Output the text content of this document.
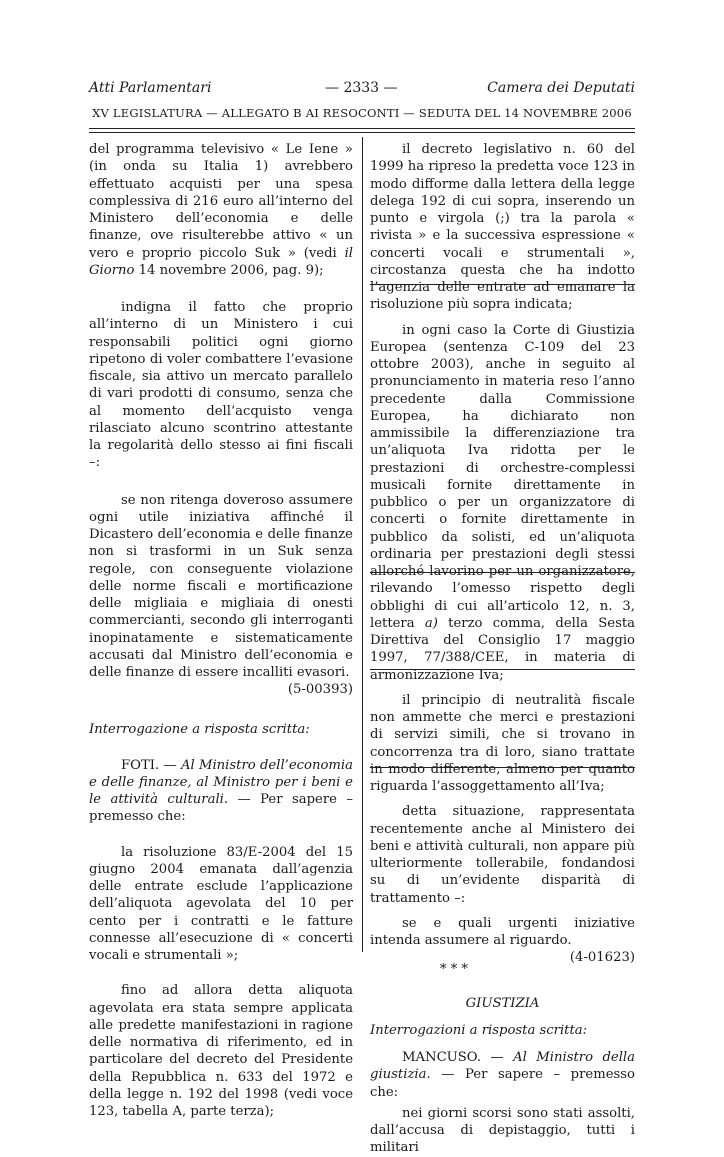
Atti Parlamentari	— 2333 —	Camera dei Deputati
XV LEGISLATURA — ALLEGATO B AI RESOCONTI — SEDUTA DEL 14 NOVEMBRE 2006

del programma televisivo « Le Iene » (in onda su Italia 1) avrebbero effettuato acquisti per una spesa complessiva di 216 euro all’interno del Ministero dell’economia e delle finanze, ove risulterebbe attivo « un vero e proprio piccolo Suk » (vedi il Giorno 14 novembre 2006, pag. 9);

indigna il fatto che proprio all’interno di un Ministero i cui responsabili politici ogni giorno ripetono di voler combattere l’evasione fiscale, sia attivo un mercato parallelo di vari prodotti di consumo, senza che al momento dell’acquisto venga rilasciato alcuno scontrino attestante la regolarità dello stesso ai fini fiscali –:

se non ritenga doveroso assumere ogni utile iniziativa affinché il Dicastero dell’economia e delle finanze non si trasformi in un Suk senza regole, con conseguente violazione delle norme fiscali e mortificazione delle migliaia e migliaia di onesti commercianti, secondo gli interroganti inopinatamente e sistematicamente accusati dal Ministro dell’economia e delle finanze di essere incalliti evasori.
(5-00393)

Interrogazione a risposta scritta:

FOTI. — Al Ministro dell’economia e delle finanze, al Ministro per i beni e le attività culturali. — Per sapere – premesso che:

la risoluzione 83/E-2004 del 15 giugno 2004 emanata dall’agenzia delle entrate esclude l’applicazione dell’aliquota agevolata del 10 per cento per i contratti e le fatture connesse all’esecuzione di « concerti vocali e strumentali »;

fino ad allora detta aliquota agevolata era stata sempre applicata alle predette manifestazioni in ragione delle normativa di riferimento, ed in particolare del decreto del Presidente della Repubblica n. 633 del 1972 e della legge n. 192 del 1998 (vedi voce 123, tabella A, parte terza);

il decreto legislativo n. 60 del 1999 ha ripreso la predetta voce 123 in modo difforme dalla lettera della legge delega 192 di cui sopra, inserendo un punto e virgola (;) tra la parola « rivista » e la successiva espressione « concerti vocali e strumentali », circostanza questa che ha indotto l’agenzia delle entrate ad emanare la risoluzione più sopra indicata;

in ogni caso la Corte di Giustizia Europea (sentenza C-109 del 23 ottobre 2003), anche in seguito al pronunciamento in materia reso l’anno precedente dalla Commissione Europea, ha dichiarato non ammissibile la differenziazione tra un’aliquota Iva ridotta per le prestazioni di orchestre-complessi musicali fornite direttamente in pubblico o per un organizzatore di concerti o fornite direttamente in pubblico da solisti, ed un’aliquota ordinaria per prestazioni degli stessi allorché lavorino per un organizzatore, rilevando l’omesso rispetto degli obblighi di cui all’articolo 12, n. 3, lettera a) terzo comma, della Sesta Direttiva del Consiglio 17 maggio 1997, 77/388/CEE, in materia di armonizzazione Iva;

il principio di neutralità fiscale non ammette che merci e prestazioni di servizi simili, che si trovano in concorrenza tra di loro, siano trattate in modo differente, almeno per quanto riguarda l’assoggettamento all’Iva;

detta situazione, rappresentata recentemente anche al Ministero dei beni e attività culturali, non appare più ulteriormente tollerabile, fondandosi su di un’evidente disparità di trattamento –:

se e quali urgenti iniziative intenda assumere al riguardo.
(4-01623)

* * *

GIUSTIZIA

Interrogazioni a risposta scritta:

MANCUSO. — Al Ministro della giustizia. — Per sapere – premesso che:

nei giorni scorsi sono stati assolti, dall’accusa di depistaggio, tutti i militari
